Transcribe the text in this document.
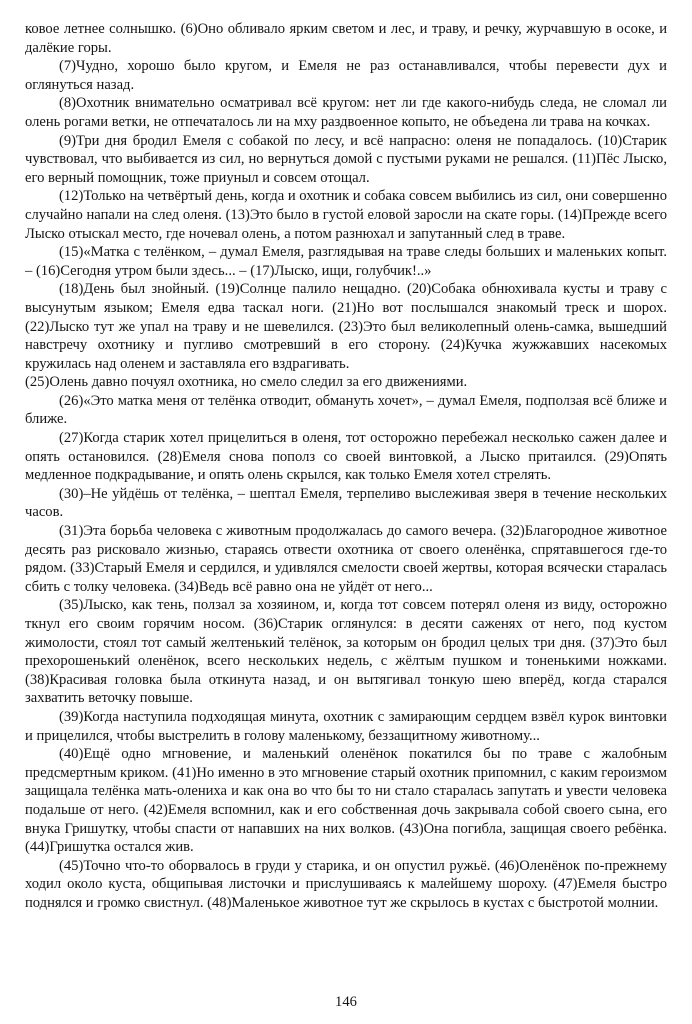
ковое летнее солнышко. (6)Оно обливало ярким светом и лес, и траву, и речку, журчавшую в осоке, и далёкие горы.

(7)Чудно, хорошо было кругом, и Емеля не раз останавливался, чтобы перевести дух и оглянуться назад.

(8)Охотник внимательно осматривал всё кругом: нет ли где какого-нибудь следа, не сломал ли олень рогами ветки, не отпечаталось ли на мху раздвоенное копыто, не объедена ли трава на кочках.

(9)Три дня бродил Емеля с собакой по лесу, и всё напрасно: оленя не попадалось. (10)Старик чувствовал, что выбивается из сил, но вернуться домой с пустыми руками не решался. (11)Пёс Лыско, его верный помощник, тоже приуныл и совсем отощал.

(12)Только на четвёртый день, когда и охотник и собака совсем выбились из сил, они совершенно случайно напали на след оленя. (13)Это было в густой еловой заросли на скате горы. (14)Прежде всего Лыско отыскал место, где ночевал олень, а потом разнюхал и запутанный след в траве.

(15)«Матка с телёнком, – думал Емеля, разглядывая на траве следы больших и маленьких копыт. – (16)Сегодня утром были здесь... – (17)Лыско, ищи, голубчик!..»

(18)День был знойный. (19)Солнце палило нещадно. (20)Собака обнюхивала кусты и траву с высунутым языком; Емеля едва таскал ноги. (21)Но вот послышался знакомый треск и шорох. (22)Лыско тут же упал на траву и не шевелился. (23)Это был великолепный олень-самка, вышедший навстречу охотнику и пугливо смотревший в его сторону. (24)Кучка жужжавших насекомых кружилась над оленем и заставляла его вздрагивать.

(25)Олень давно почуял охотника, но смело следил за его движениями.

(26)«Это матка меня от телёнка отводит, обмануть хочет», – думал Емеля, подползая всё ближе и ближе.

(27)Когда старик хотел прицелиться в оленя, тот осторожно перебежал несколько сажен далее и опять остановился. (28)Емеля снова пополз со своей винтовкой, а Лыско притаился. (29)Опять медленное подкрадывание, и опять олень скрылся, как только Емеля хотел стрелять.

(30)–Не уйдёшь от телёнка, – шептал Емеля, терпеливо выслеживая зверя в течение нескольких часов.

(31)Эта борьба человека с животным продолжалась до самого вечера. (32)Благородное животное десять раз рисковало жизнью, стараясь отвести охотника от своего оленёнка, спрятавшегося где-то рядом. (33)Старый Емеля и сердился, и удивлялся смелости своей жертвы, которая всячески старалась сбить с толку человека. (34)Ведь всё равно она не уйдёт от него...

(35)Лыско, как тень, ползал за хозяином, и, когда тот совсем потерял оленя из виду, осторожно ткнул его своим горячим носом. (36)Старик оглянулся: в десяти саженях от него, под кустом жимолости, стоял тот самый желтенький телёнок, за которым он бродил целых три дня. (37)Это был прехорошенький оленёнок, всего нескольких недель, с жёлтым пушком и тоненькими ножками. (38)Красивая головка была откинута назад, и он вытягивал тонкую шею вперёд, когда старался захватить веточку повыше.

(39)Когда наступила подходящая минута, охотник с замирающим сердцем взвёл курок винтовки и прицелился, чтобы выстрелить в голову маленькому, беззащитному животному...

(40)Ещё одно мгновение, и маленький оленёнок покатился бы по траве с жалобным предсмертным криком. (41)Но именно в это мгновение старый охотник припомнил, с каким героизмом защищала телёнка мать-олениха и как она во что бы то ни стало старалась запутать и увести человека подальше от него. (42)Емеля вспомнил, как и его собственная дочь закрывала собой своего сына, его внука Гришутку, чтобы спасти от напавших на них волков. (43)Она погибла, защищая своего ребёнка. (44)Гришутка остался жив.

(45)Точно что-то оборвалось в груди у старика, и он опустил ружьё. (46)Оленёнок по-прежнему ходил около куста, общипывая листочки и прислушиваясь к малейшему шороху. (47)Емеля быстро поднялся и громко свистнул. (48)Маленькое животное тут же скрылось в кустах с быстротой молнии.

146
